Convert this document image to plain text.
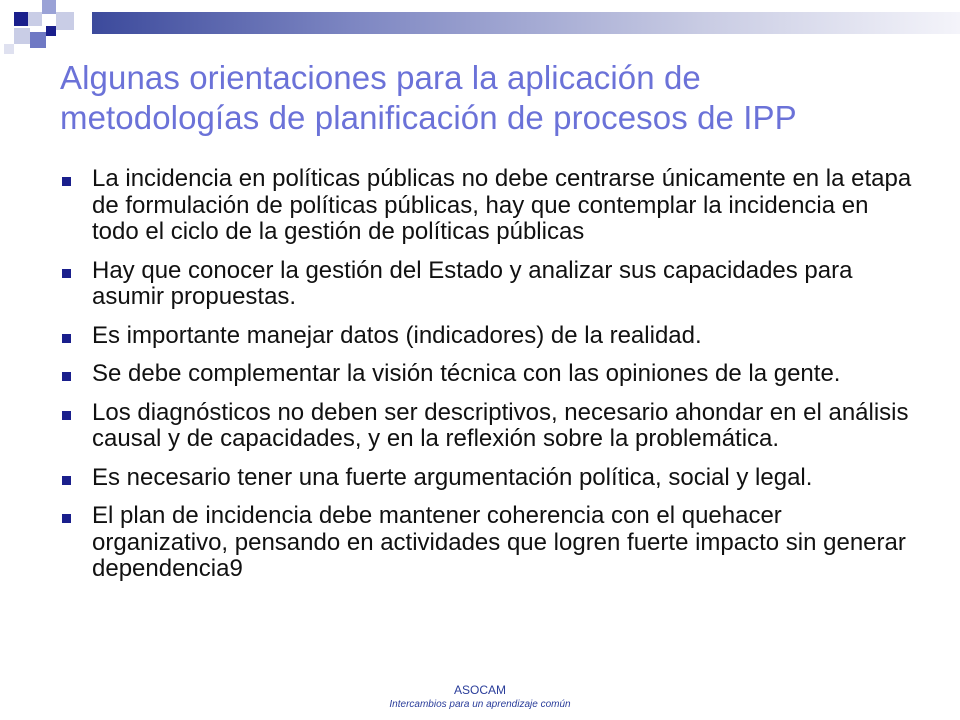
Algunas orientaciones para la aplicación de
metodologías de planificación de procesos de IPP
La incidencia en políticas públicas no debe centrarse únicamente en la etapa de formulación de políticas públicas, hay que contemplar la incidencia en todo el ciclo de la gestión de políticas públicas
Hay que conocer la gestión del Estado y analizar sus capacidades para asumir propuestas.
Es importante manejar datos (indicadores) de la realidad.
Se debe complementar la visión técnica con las opiniones de la gente.
Los diagnósticos no deben ser descriptivos, necesario ahondar en el análisis causal y de capacidades, y en la reflexión sobre la problemática.
Es necesario tener una fuerte argumentación política, social y legal.
El plan de incidencia debe mantener coherencia con el quehacer organizativo, pensando en actividades que logren fuerte impacto sin generar dependencia9
ASOCAM
Intercambios para un aprendizaje común
